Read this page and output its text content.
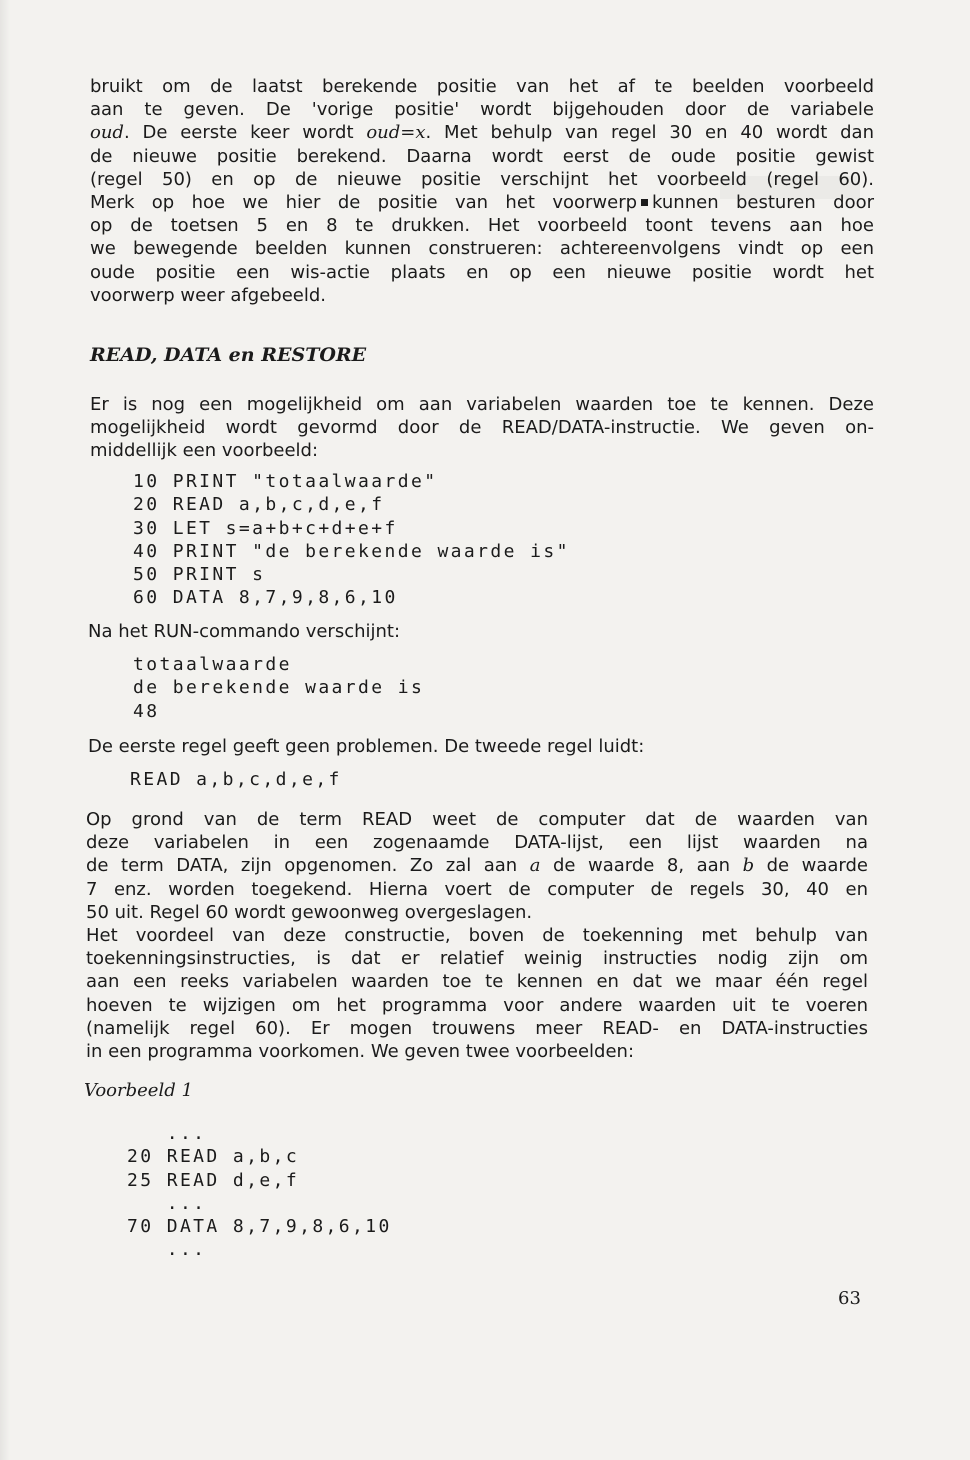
bruikt om de laatst berekende positie van het af te beelden voorbeeld
aan te geven. De 'vorige positie' wordt bijgehouden door de variabele
oud. De eerste keer wordt oud=x. Met behulp van regel 30 en 40 wordt dan
de nieuwe positie berekend. Daarna wordt eerst de oude positie gewist
(regel 50) en op de nieuwe positie verschijnt het voorbeeld (regel 60).
Merk op hoe we hier de positie van het voorwerp kunnen besturen door
op de toetsen 5 en 8 te drukken. Het voorbeeld toont tevens aan hoe
we bewegende beelden kunnen construeren: achtereenvolgens vindt op een
oude positie een wis-actie plaats en op een nieuwe positie wordt het
voorwerp weer afgebeeld.
READ, DATA en RESTORE
Er is nog een mogelijkheid om aan variabelen waarden toe te kennen. Deze
mogelijkheid wordt gevormd door de READ/DATA-instructie. We geven on-
middellijk een voorbeeld:
10 PRINT "totaalwaarde"
20 READ a,b,c,d,e,f
30 LET s=a+b+c+d+e+f
40 PRINT "de berekende waarde is"
50 PRINT s
60 DATA 8,7,9,8,6,10
Na het RUN-commando verschijnt:
totaalwaarde
de berekende waarde is
48
De eerste regel geeft geen problemen. De tweede regel luidt:
READ a,b,c,d,e,f
Op grond van de term READ weet de computer dat de waarden van
deze variabelen in een zogenaamde DATA-lijst, een lijst waarden na
de term DATA, zijn opgenomen. Zo zal aan a de waarde 8, aan b de waarde
7 enz. worden toegekend. Hierna voert de computer de regels 30, 40 en
50 uit. Regel 60 wordt gewoonweg overgeslagen.
Het voordeel van deze constructie, boven de toekenning met behulp van
toekenningsinstructies, is dat er relatief weinig instructies nodig zijn om
aan een reeks variabelen waarden toe te kennen en dat we maar één regel
hoeven te wijzigen om het programma voor andere waarden uit te voeren
(namelijk regel 60). Er mogen trouwens meer READ- en DATA-instructies
in een programma voorkomen. We geven twee voorbeelden:
Voorbeeld 1
...
20 READ a,b,c
25 READ d,e,f
...
70 DATA 8,7,9,8,6,10
...
63
